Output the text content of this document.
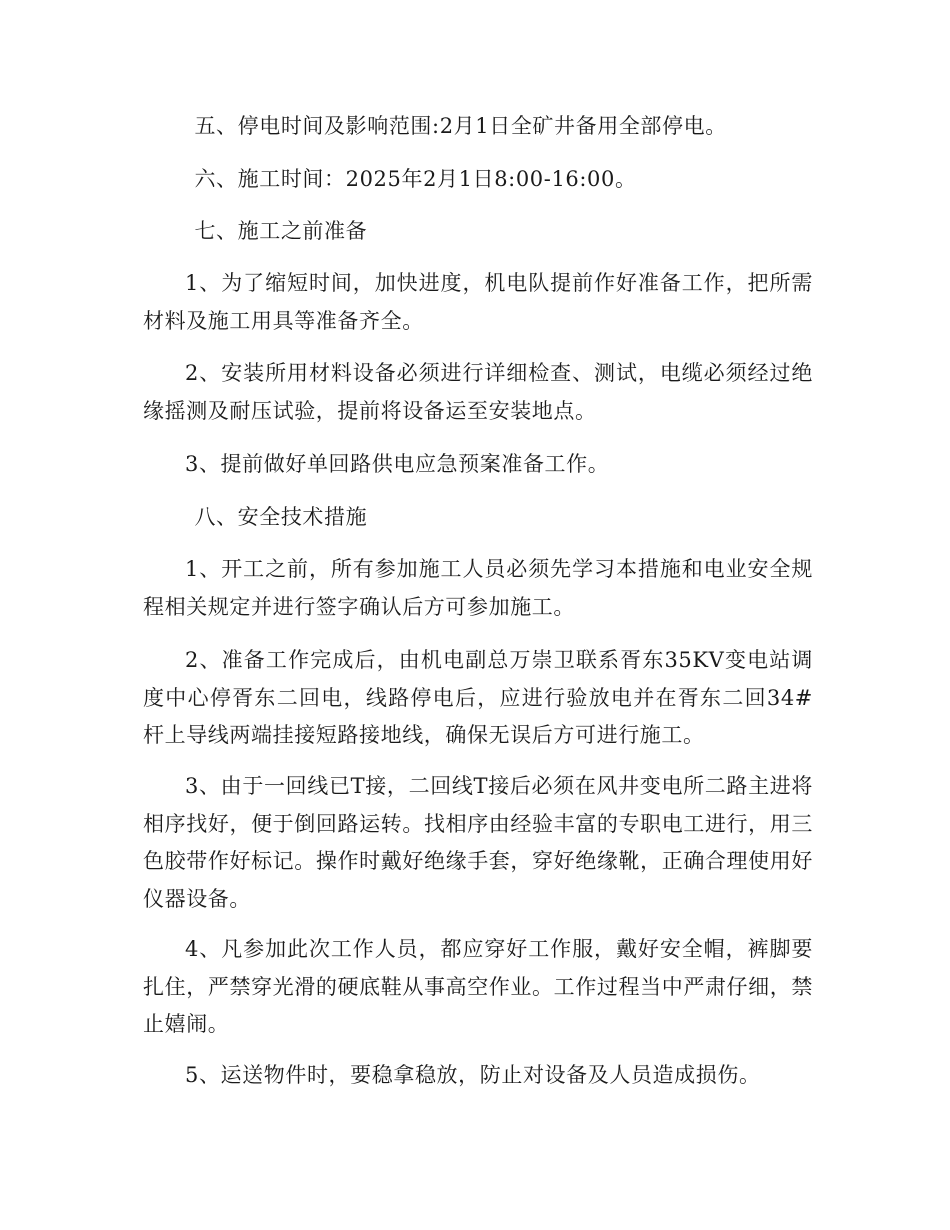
五、停电时间及影响范围:2月1日全矿井备用全部停电。

六、施工时间：2025年2月1日8:00-16:00。

七、施工之前准备

1、为了缩短时间，加快进度，机电队提前作好准备工作，把所需材料及施工用具等准备齐全。

2、安装所用材料设备必须进行详细检查、测试，电缆必须经过绝缘摇测及耐压试验，提前将设备运至安装地点。

3、提前做好单回路供电应急预案准备工作。

八、安全技术措施

1、开工之前，所有参加施工人员必须先学习本措施和电业安全规程相关规定并进行签字确认后方可参加施工。

2、准备工作完成后，由机电副总万崇卫联系胥东35KV变电站调度中心停胥东二回电，线路停电后，应进行验放电并在胥东二回34#杆上导线两端挂接短路接地线，确保无误后方可进行施工。

3、由于一回线已T接，二回线T接后必须在风井变电所二路主进将相序找好，便于倒回路运转。找相序由经验丰富的专职电工进行，用三色胶带作好标记。操作时戴好绝缘手套，穿好绝缘靴，正确合理使用好仪器设备。

4、凡参加此次工作人员，都应穿好工作服，戴好安全帽，裤脚要扎住，严禁穿光滑的硬底鞋从事高空作业。工作过程当中严肃仔细，禁止嬉闹。

5、运送物件时，要稳拿稳放，防止对设备及人员造成损伤。
